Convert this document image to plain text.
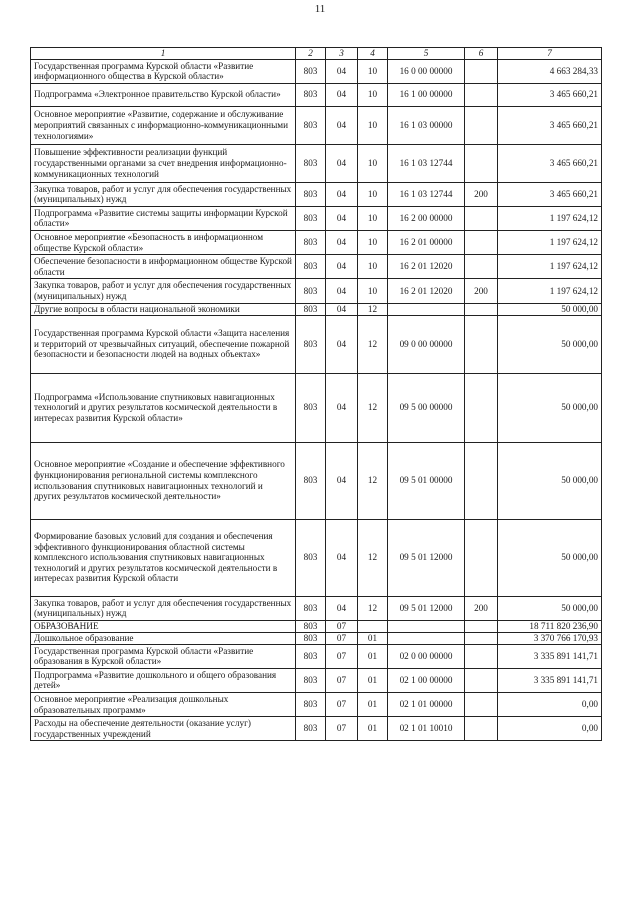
11
1	2	3	4	5	6	7
Государственная программа Курской области «Развитие информационного общества в Курской области»	803	04	10	16 0 00 00000		4 663 284,33
Подпрограмма «Электронное правительство Курской области»	803	04	10	16 1 00 00000		3 465 660,21
Основное мероприятие «Развитие, содержание и обслуживание мероприятий связанных с информационно-коммуникационными технологиями»	803	04	10	16 1 03 00000		3 465 660,21
Повышение эффективности реализации функций государственными органами за счет внедрения информационно-коммуникационных технологий	803	04	10	16 1 03 12744		3 465 660,21
Закупка товаров, работ и услуг для обеспечения государственных (муниципальных) нужд	803	04	10	16 1 03 12744	200	3 465 660,21
Подпрограмма «Развитие системы защиты информации Курской области»	803	04	10	16 2 00 00000		1 197 624,12
Основное мероприятие «Безопасность в информационном обществе Курской области»	803	04	10	16 2 01 00000		1 197 624,12
Обеспечение безопасности в информационном обществе Курской области	803	04	10	16 2 01 12020		1 197 624,12
Закупка товаров, работ и услуг для обеспечения государственных (муниципальных) нужд	803	04	10	16 2 01 12020	200	1 197 624,12
Другие вопросы в области национальной экономики	803	04	12			50 000,00
Государственная программа Курской области «Защита населения и территорий от чрезвычайных ситуаций, обеспечение пожарной безопасности и безопасности людей на водных объектах»	803	04	12	09 0 00 00000		50 000,00
Подпрограмма «Использование спутниковых навигационных технологий и других результатов космической деятельности в интересах развития Курской области»	803	04	12	09 5 00 00000		50 000,00
Основное мероприятие «Создание и обеспечение эффективного функционирования региональной системы комплексного использования спутниковых навигационных технологий и других результатов космической деятельности»	803	04	12	09 5 01 00000		50 000,00
Формирование базовых условий для создания и обеспечения эффективного функционирования областной системы комплексного использования спутниковых навигационных технологий и других результатов космической деятельности в интересах развития Курской области	803	04	12	09 5 01 12000		50 000,00
Закупка товаров, работ и услуг для обеспечения государственных (муниципальных) нужд	803	04	12	09 5 01 12000	200	50 000,00
ОБРАЗОВАНИЕ	803	07				18 711 820 236,90
Дошкольное образование	803	07	01			3 370 766 170,93
Государственная программа Курской области «Развитие образования в Курской области»	803	07	01	02 0 00 00000		3 335 891 141,71
Подпрограмма «Развитие дошкольного и общего образования детей»	803	07	01	02 1 00 00000		3 335 891 141,71
Основное мероприятие «Реализация дошкольных образовательных программ»	803	07	01	02 1 01 00000		0,00
Расходы на обеспечение деятельности (оказание услуг) государственных учреждений	803	07	01	02 1 01 10010		0,00
